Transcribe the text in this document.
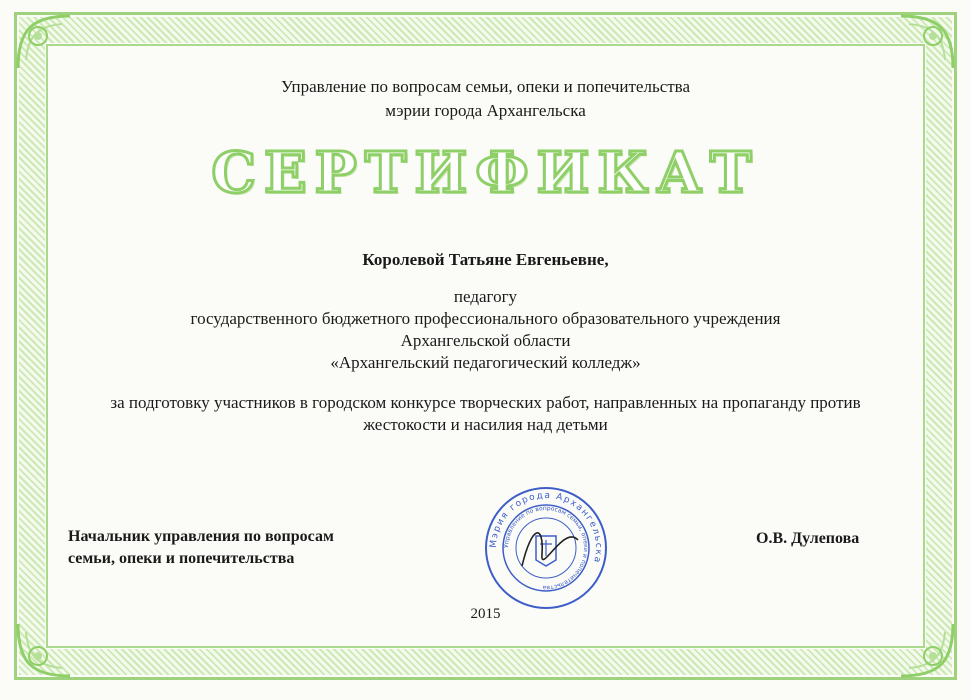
Управление по вопросам семьи, опеки и попечительства
мэрии города Архангельска
СЕРТИФИКАТ
Королевой Татьяне Евгеньевне,
педагогу
государственного бюджетного профессионального образовательного учреждения
Архангельской области
«Архангельский педагогический колледж»
за подготовку участников в городском конкурсе творческих работ, направленных на пропаганду против
жестокости и насилия над детьми
Начальник управления по вопросам
семьи, опеки и попечительства
Мэрия города Архангельска
Управление по вопросам семьи, опеки и попечительства
О.В. Дулепова
2015
